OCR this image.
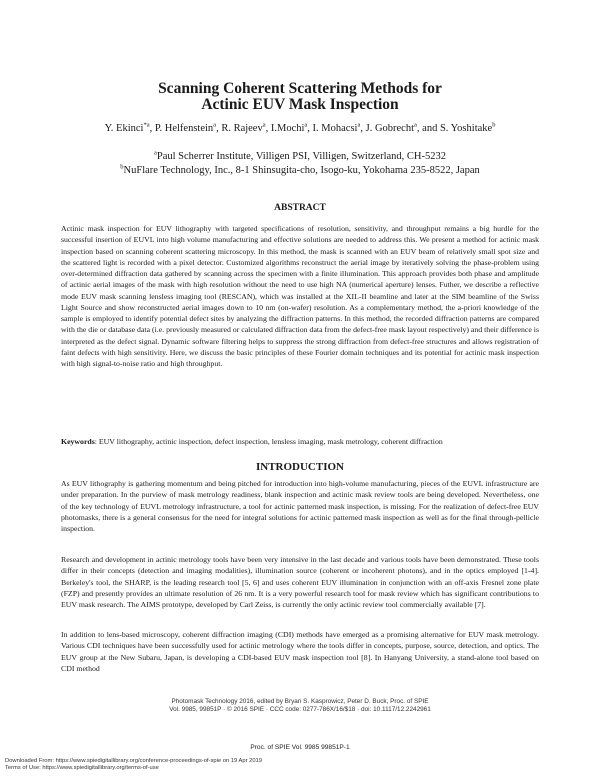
Scanning Coherent Scattering Methods for
Actinic EUV Mask Inspection
Y. Ekinci$^{*a}$, P. Helfenstein$^a$, R. Rajeev$^a$, I.Mochi$^a$, I. Mohacsi$^a$, J. Gobrecht$^a$, and S. Yoshitake$^b$
$^a$Paul Scherrer Institute, Villigen PSI, Villigen, Switzerland, CH-5232
$^b$NuFlare Technology, Inc., 8-1 Shinsugita-cho, Isogo-ku, Yokohama 235-8522, Japan
ABSTRACT
Actinic mask inspection for EUV lithography with targeted specifications of resolution, sensitivity, and throughput remains a big hurdle for the successful insertion of EUVL into high volume manufacturing and effective solutions are needed to address this. We present a method for actinic mask inspection based on scanning coherent scattering microscopy. In this method, the mask is scanned with an EUV beam of relatively small spot size and the scattered light is recorded with a pixel detector. Customized algorithms reconstruct the aerial image by iteratively solving the phase-problem using over-determined diffraction data gathered by scanning across the specimen with a finite illumination. This approach provides both phase and amplitude of actinic aerial images of the mask with high resolution without the need to use high NA (numerical aperture) lenses. Futher, we describe a reflective mode EUV mask scanning lensless imaging tool (RESCAN), which was installed at the XIL-II beamline and later at the SIM beamline of the Swiss Light Source and show reconstructed aerial images down to 10 nm (on-wafer) resolution. As a complementary method, the a-priori knowledge of the sample is employed to identify potential defect sites by analyzing the diffraction patterns. In this method, the recorded diffraction patterns are compared with the die or database data (i.e. previously measured or calculated diffraction data from the defect-free mask layout respectively) and their difference is interpreted as the defect signal. Dynamic software filtering helps to suppress the strong diffraction from defect-free structures and allows registration of faint defects with high sensitivity. Here, we discuss the basic principles of these Fourier domain techniques and its potential for actinic mask inspection with high signal-to-noise ratio and high throughput.
Keywords: EUV lithography, actinic inspection, defect inspection, lensless imaging, mask metrology, coherent diffraction
INTRODUCTION
As EUV lithography is gathering momentum and being pitched for introduction into high-volume manufacturing, pieces of the EUVL infrastructure are under preparation. In the purview of mask metrology readiness, blank inspection and actinic mask review tools are being developed. Nevertheless, one of the key technology of EUVL metrology infrastructure, a tool for actinic patterned mask inspection, is missing. For the realization of defect-free EUV photomasks, there is a general consensus for the need for integral solutions for actinic patterned mask inspection as well as for the final through-pellicle inspection.
Research and development in actinic metrology tools have been very intensive in the last decade and various tools have been demonstrated. These tools differ in their concepts (detection and imaging modalities), illumination source (coherent or incoherent photons), and in the optics employed [1-4]. Berkeley's tool, the SHARP, is the leading research tool [5, 6] and uses coherent EUV illumination in conjunction with an off-axis Fresnel zone plate (FZP) and presently provides an ultimate resolution of 26 nm. It is a very powerful research tool for mask review which has significant contributions to EUV mask research. The AIMS prototype, developed by Carl Zeiss, is currently the only actinic review tool commercially available [7].
In addition to lens-based microscopy, coherent diffraction imaging (CDI) methods have emerged as a promising alternative for EUV mask metrology. Various CDI techniques have been successfully used for actinic metrology where the tools differ in concepts, purpose, source, detection, and optics. The EUV group at the New Subaru, Japan, is developing a CDI-based EUV mask inspection tool [8]. In Hanyang University, a stand-alone tool based on CDI method
Photomask Technology 2016, edited by Bryan S. Kasprowicz, Peter D. Buck, Proc. of SPIE
Vol. 9985, 99851P · © 2016 SPIE · CCC code: 0277-786X/16/$18 · doi: 10.1117/12.2242961
Proc. of SPIE Vol. 9985 99851P-1
Downloaded From: https://www.spiedigitallibrary.org/conference-proceedings-of-spie on 19 Apr 2019
Terms of Use: https://www.spiedigitallibrary.org/terms-of-use
